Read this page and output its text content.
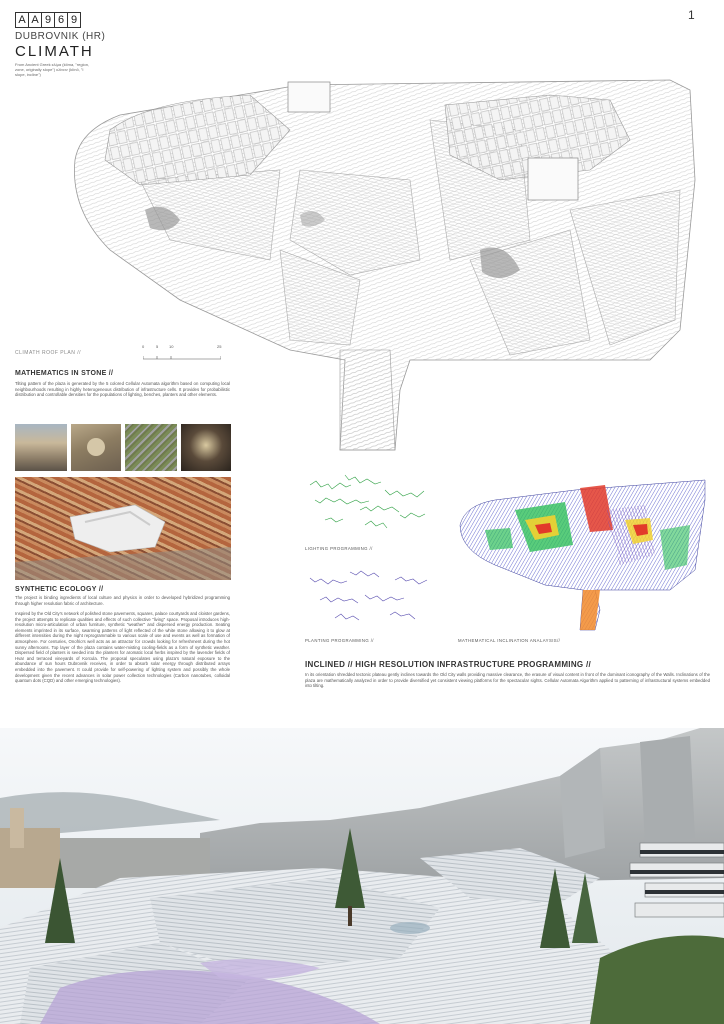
A A 9 6 9
DUBROVNIK (HR)
CLIMATH
From Ancient Greek κλίμα (klíma, "region, zone, originally slope") κλίνειν (klínō, "I slope, incline")
1
CLIMATH ROOF PLAN //
0	5	10	25
MATHEMATICS IN STONE //
Tilting pattern of the plaza is generated by the 5 colored Cellular Automata algorithm based on computing local neighbourhoods resulting in highly heterogeneous distribution of infrastructure cells. It provides for probabilistic distribution and controllable densities for the populations of lighting, benches, planters and other elements.
SYNTHETIC ECOLOGY //
The project is binding ingredients of local culture and physics in order to developed hybridized programming through higher resolution fabric of architecture.
Inspired by the Old City's network of polished stone pavements, squares, palace courtyards and cloister gardens, the project attempts to replicate qualities and effects of such collective "living" space. Proposal introduces high-resolution micro-articulation of urban furniture, synthetic "weather" and dispersed energy production. Seating elements imprinted in its surface, swarming patterns of light reflected of the white stone allowing it to glow at different intensities during the night reprogrammable to various scale of use and events as well as formation of atmosphere. For centuries, Onofrio's well acts as an attractor for crowds looking for refreshment during the hot sunny afternoons. Top layer of the plaza contains water-misting cooling-fields as a form of synthetic weather. Dispersed field of planters is seeded into the planters for aromatic local herbs inspired by the lavender fields of Hvar and terraced vineyards of Korcula. The proposal speculates using plaza's natural exposure to the abundance of sun hours Dubrovnik receives, in order to absorb solar energy through distributed arrays embedded into the pavement. It could provide for self-powering of lighting system and possibly the whole development given the recent advances in solar power collection technologies (Carbon nanotubes, colloidal quantum dots (CQD) and other emerging technologies).
LIGHTING PROGRAMMING //
PLANTING PROGRAMMING //	MATHEMATICAL INCLINATION ANALAYSIS//
INCLINED // HIGH RESOLUTION INFRASTRUCTURE PROGRAMMING //
In its orientation shredded tectonic plateau gently inclines towards the Old City walls providing massive clearance, the erasure of visual content in front of the dominant iconography of the Walls. Inclinations of the plaza are mathematically analyzed in order to provide diversified yet consistent viewing platforms for the spectacular sights. Cellular Automata Algorithm applied to patterning of infrastructural systems embedded into tilting.
